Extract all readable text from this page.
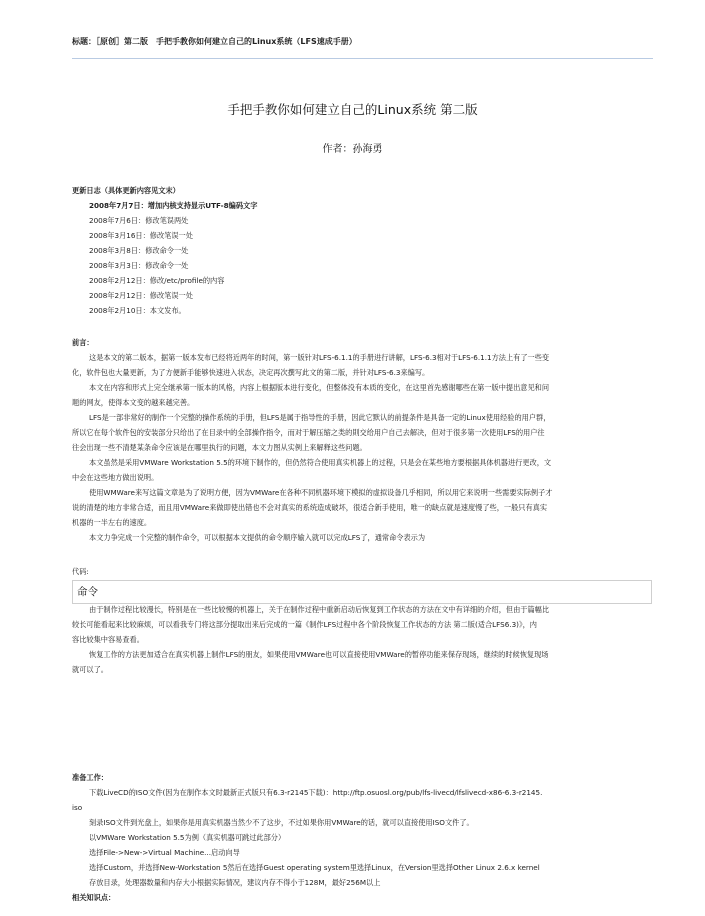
标题：［原创］第二版　手把手教你如何建立自己的Linux系统（LFS速成手册）
手把手教你如何建立自己的Linux系统 第二版
作者：孙海勇
更新日志（具体更新内容见文末）
2008年7月7日：增加内核支持显示UTF-8编码文字
2008年7月6日：修改笔误两处
2008年3月16日：修改笔误一处
2008年3月8日：修改命令一处
2008年3月3日：修改命令一处
2008年2月12日：修改/etc/profile的内容
2008年2月12日：修改笔误一处
2008年2月10日：本文发布。
前言：
这是本文的第二版本，据第一版本发布已经将近两年的时间，第一版针对LFS-6.1.1的手册进行讲解，LFS-6.3相对于LFS-6.1.1方法上有了一些变
化，软件包也大量更新，为了方便新手能够快速进入状态，决定再次撰写此文的第二版，并针对LFS-6.3来编写。
本文在内容和形式上完全继承第一版本的风格，内容上根据版本进行变化，但整体没有本质的变化，在这里首先感谢哪些在第一版中提出意见和问
题的网友，使得本文变的越来越完善。
LFS是一部非常好的制作一个完整的操作系统的手册，但LFS是属于指导性的手册，因此它默认的前提条件是具备一定的Linux使用经验的用户群，
所以它在每个软件包的安装部分只给出了在目录中的全部操作指令，而对于解压缩之类的則交给用户自己去解决，但对于很多第一次使用LFS的用户往
往会出现一些不清楚某条命令应该是在哪里执行的问题，本文力图从实例上来解释这些问题。
本文虽然是采用VMWare Workstation 5.5的环境下制作的，但仍然符合使用真实机器上的过程，只是会在某些地方要根据具体机器进行更改，文
中会在这些地方做出说明。
使用WMWare来写这篇文章是为了说明方便，因为VMWare在各种不同机器环境下模拟的虚拟设备几乎相同，所以用它来说明一些需要实际例子才
说的清楚的地方非常合适，而且用VMWare来做即使出错也不会对真实的系统造成破坏，很适合新手使用，唯一的缺点就是速度慢了些，一般只有真实
机器的一半左右的速度。
本文力争完成一个完整的制作命令，可以根据本文提供的命令顺序输入就可以完成LFS了，通常命令表示为
代码:
命令
由于制作过程比较漫长，特别是在一些比较慢的机器上，关于在制作过程中重新启动后恢复到工作状态的方法在文中有详细的介绍，但由于篇幅比
较长可能看起来比较麻烦，可以看我专门将这部分提取出来后完成的一篇《制作LFS过程中各个阶段恢复工作状态的方法 第二版(适合LFS6.3)》，内
容比较集中容易查看。
恢复工作的方法更加适合在真实机器上制作LFS的朋友，如果使用VMWare也可以直接使用VMWare的暂停功能来保存现场，继续的时候恢复现场
就可以了。
准备工作：
下载LiveCD的ISO文件(因为在制作本文时最新正式版只有6.3-r2145下载)：http://ftp.osuosl.org/pub/lfs-livecd/lfslivecd-x86-6.3-r2145.
iso
刻录ISO文件到光盘上，如果你是用真实机器当然少不了这步，不过如果你用VMWare的话，就可以直接使用ISO文件了。
以VMWare Workstation 5.5为例（真实机器可跳过此部分）
选择File->New->Virtual Machine...启动向导
选择Custom，并选择New-Workstation 5然后在选择Guest operating system里选择Linux，在Version里选择Other Linux 2.6.x kernel
存放目录，处理器数量和内存大小根据实际情况，建议内存不得小于128M，最好256M以上
相关知识点：
